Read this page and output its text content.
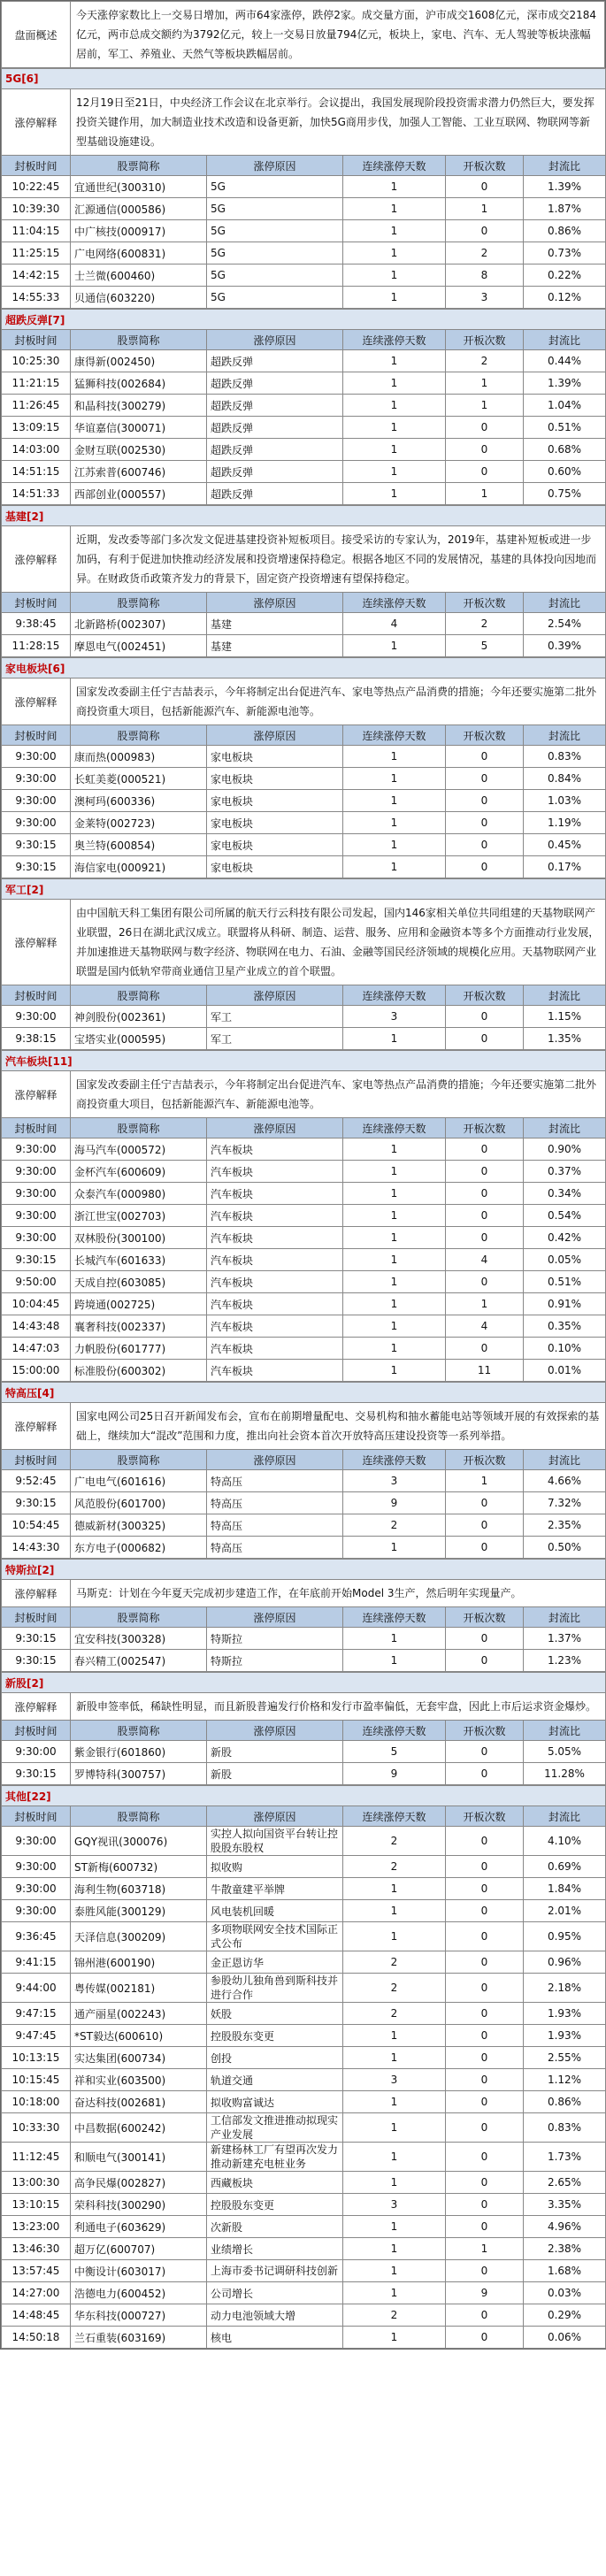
盘面概述	今天涨停家数比上一交易日增加，两市64家涨停，跌停2家。成交量方面，沪市成交1608亿元，深市成交2184亿元，两市总成交额约为3792亿元，较上一交易日放量794亿元，板块上，家电、汽车、无人驾驶等板块涨幅居前，军工、养殖业、天然气等板块跌幅居前。
5G[6]					
涨停解释	12月19日至21日，中央经济工作会议在北京举行。会议提出，我国发展现阶段投资需求潜力仍然巨大，要发挥投资关键作用，加大制造业技术改造和设备更新，加快5G商用步伐，加强人工智能、工业互联网、物联网等新型基础设施建设。				
封板时间	股票简称	涨停原因	连续涨停天数	开板次数	封流比
10:22:45	宜通世纪(300310)	5G	1	0	1.39%
10:39:30	汇源通信(000586)	5G	1	1	1.87%
11:04:15	中广核技(000917)	5G	1	0	0.86%
11:25:15	广电网络(600831)	5G	1	2	0.73%
14:42:15	士兰微(600460)	5G	1	8	0.22%
14:55:33	贝通信(603220)	5G	1	3	0.12%
超跌反弹[7]					
封板时间	股票简称	涨停原因	连续涨停天数	开板次数	封流比
10:25:30	康得新(002450)	超跌反弹	1	2	0.44%
11:21:15	猛狮科技(002684)	超跌反弹	1	1	1.39%
11:26:45	和晶科技(300279)	超跌反弹	1	1	1.04%
13:09:15	华谊嘉信(300071)	超跌反弹	1	0	0.51%
14:03:00	金财互联(002530)	超跌反弹	1	0	0.68%
14:51:15	江苏索普(600746)	超跌反弹	1	0	0.60%
14:51:33	西部创业(000557)	超跌反弹	1	1	0.75%
基建[2]					
涨停解释	近期，发改委等部门多次发文促进基建投资补短板项目。接受采访的专家认为，2019年，基建补短板或进一步加码，有利于促进加快推动经济发展和投资增速保持稳定。根据各地区不同的发展情况，基建的具体投向因地而异。在财政货币政策齐发力的背景下，固定资产投资增速有望保持稳定。				
封板时间	股票简称	涨停原因	连续涨停天数	开板次数	封流比
9:38:45	北新路桥(002307)	基建	4	2	2.54%
11:28:15	摩恩电气(002451)	基建	1	5	0.39%
家电板块[6]					
涨停解释	国家发改委副主任宁吉喆表示，今年将制定出台促进汽车、家电等热点产品消费的措施；今年还要实施第二批外商投资重大项目，包括新能源汽车、新能源电池等。				
封板时间	股票简称	涨停原因	连续涨停天数	开板次数	封流比
9:30:00	康而热(000983)	家电板块	1	0	0.83%
9:30:00	长虹美菱(000521)	家电板块	1	0	0.84%
9:30:00	澳柯玛(600336)	家电板块	1	0	1.03%
9:30:00	金莱特(002723)	家电板块	1	0	1.19%
9:30:15	奥兰特(600854)	家电板块	1	0	0.45%
9:30:15	海信家电(000921)	家电板块	1	0	0.17%
军工[2]					
涨停解释	由中国航天科工集团有限公司所属的航天行云科技有限公司发起，国内146家相关单位共同组建的天基物联网产业联盟，26日在湖北武汉成立。联盟将从科研、制造、运营、服务、应用和金融资本等多个方面推动行业发展，并加速推进天基物联网与数字经济、物联网在电力、石油、金融等国民经济领域的规模化应用。天基物联网产业联盟是国内低轨窄带商业通信卫星产业成立的首个联盟。				
封板时间	股票简称	涨停原因	连续涨停天数	开板次数	封流比
9:30:00	神剑股份(002361)	军工	3	0	1.15%
9:38:15	宝塔实业(000595)	军工	1	0	1.35%
汽车板块[11]					
涨停解释	国家发改委副主任宁吉喆表示，今年将制定出台促进汽车、家电等热点产品消费的措施；今年还要实施第二批外商投资重大项目，包括新能源汽车、新能源电池等。				
封板时间	股票简称	涨停原因	连续涨停天数	开板次数	封流比
9:30:00	海马汽车(000572)	汽车板块	1	0	0.90%
9:30:00	金杯汽车(600609)	汽车板块	1	0	0.37%
9:30:00	众泰汽车(000980)	汽车板块	1	0	0.34%
9:30:00	浙江世宝(002703)	汽车板块	1	0	0.54%
9:30:00	双林股份(300100)	汽车板块	1	0	0.42%
9:30:15	长城汽车(601633)	汽车板块	1	4	0.05%
9:50:00	天成自控(603085)	汽车板块	1	0	0.51%
10:04:45	跨境通(002725)	汽车板块	1	1	0.91%
14:43:48	襄奢科技(002337)	汽车板块	1	4	0.35%
14:47:03	力帆股份(601777)	汽车板块	1	0	0.10%
15:00:00	标准股份(600302)	汽车板块	1	11	0.01%
特高压[4]					
涨停解释	国家电网公司25日召开新闻发布会，宣布在前期增量配电、交易机构和抽水蓄能电站等领域开展的有效探索的基础上，继续加大“混改”范围和力度，推出向社会资本首次开放特高压建设投资等一系列举措。				
封板时间	股票简称	涨停原因	连续涨停天数	开板次数	封流比
9:52:45	广电电气(601616)	特高压	3	1	4.66%
9:30:15	风范股份(601700)	特高压	9	0	7.32%
10:54:45	德威新材(300325)	特高压	2	0	2.35%
14:43:30	东方电子(000682)	特高压	1	0	0.50%
特斯拉[2]					
涨停解释	马斯克：计划在今年夏天完成初步建造工作，在年底前开始Model 3生产，然后明年实现量产。				
封板时间	股票简称	涨停原因	连续涨停天数	开板次数	封流比
9:30:15	宜安科技(300328)	特斯拉	1	0	1.37%
9:30:15	春兴精工(002547)	特斯拉	1	0	1.23%
新股[2]					
涨停解释	新股申签率低，稀缺性明显，而且新股普遍发行价格和发行市盈率偏低，无套牢盘，因此上市后运求资金爆炒。				
封板时间	股票简称	涨停原因	连续涨停天数	开板次数	封流比
9:30:00	紫金银行(601860)	新股	5	0	5.05%
9:30:15	罗博特科(300757)	新股	9	0	11.28%
其他[22]					
封板时间	股票简称	涨停原因	连续涨停天数	开板次数	封流比
9:30:00	GQY视讯(300076)	实控人拟向国资平台转让控股股东股权	2	0	4.10%
9:30:00	ST新梅(600732)	拟收购	2	0	0.69%
9:30:00	海利生物(603718)	牛散童建平举牌	1	0	1.84%
9:30:00	泰胜风能(300129)	风电装机回暖	1	0	2.01%
9:36:45	天泽信息(300209)	多项物联网安全技术国际正式公布	1	0	0.95%
9:41:15	锦州港(600190)	金正恩访华	2	0	0.96%
9:44:00	粤传媒(002181)	参股幼儿独角兽到斯科技并进行合作	2	0	2.18%
9:47:15	通产丽星(002243)	妖股	2	0	1.93%
9:47:45	*ST毅达(600610)	控股股东变更	1	0	1.93%
10:13:15	实达集团(600734)	创投	1	0	2.55%
10:15:45	祥和实业(603500)	轨道交通	3	0	1.12%
10:18:00	奋达科技(002681)	拟收购富诚达	1	0	0.86%
10:33:30	中昌数据(600242)	工信部发文推进推动拟现实产业发展	1	0	0.83%
11:12:45	和顺电气(300141)	新建杨林工厂有望再次发力推动新建充电桩业务	1	0	1.73%
13:00:30	高争民爆(002827)	西藏板块	1	0	2.65%
13:10:15	荣科科技(300290)	控股股东变更	3	0	3.35%
13:23:00	利通电子(603629)	次新股	1	0	4.96%
13:46:30	超万亿(600707)	业绩增长	1	1	2.38%
13:57:45	中衡设计(603017)	上海市委书记调研科技创新	1	0	1.68%
14:27:00	浩德电力(600452)	公司增长	1	9	0.03%
14:48:45	华东科技(000727)	动力电池领域大增	2	0	0.29%
14:50:18	兰石重装(603169)	核电	1	0	0.06%
